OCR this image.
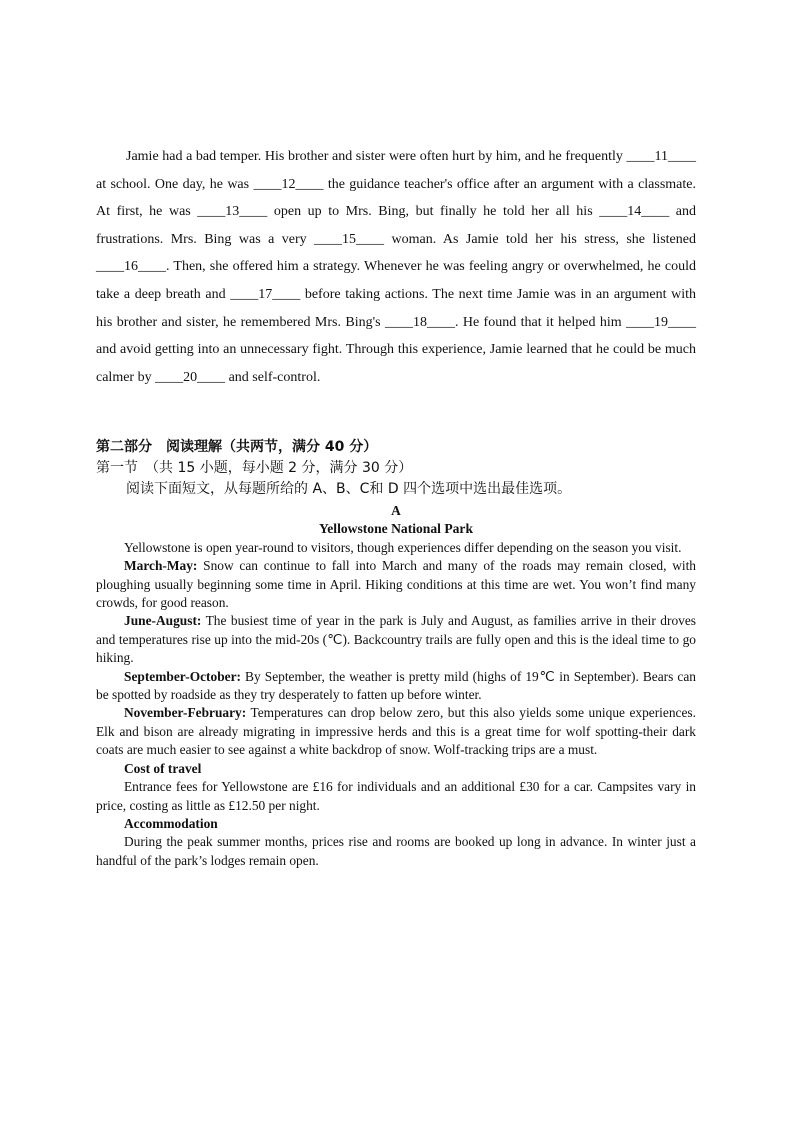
Jamie had a bad temper. His brother and sister were often hurt by him, and he frequently ____11____ at school. One day, he was ____12____ the guidance teacher's office after an argument with a classmate. At first, he was ____13____ open up to Mrs. Bing, but finally he told her all his ____14____ and frustrations. Mrs. Bing was a very ____15____ woman. As Jamie told her his stress, she listened ____16____. Then, she offered him a strategy. Whenever he was feeling angry or overwhelmed, he could take a deep breath and ____17____ before taking actions. The next time Jamie was in an argument with his brother and sister, he remembered Mrs. Bing's ____18____. He found that it helped him ____19____ and avoid getting into an unnecessary fight. Through this experience, Jamie learned that he could be much calmer by ____20____ and self-control.

第二部分　阅读理解（共两节，满分 40 分）
第一节　（共 15 小题，每小题 2 分，满分 30 分）
阅读下面短文，从每题所给的 A、B、C和 D 四个选项中选出最佳选项。
A
Yellowstone National Park

Yellowstone is open year-round to visitors, though experiences differ depending on the season you visit.

March-May: Snow can continue to fall into March and many of the roads may remain closed, with ploughing usually beginning some time in April. Hiking conditions at this time are wet. You won’t find many crowds, for good reason.

June-August: The busiest time of year in the park is July and August, as families arrive in their droves and temperatures rise up into the mid-20s (℃). Backcountry trails are fully open and this is the ideal time to go hiking.

September-October: By September, the weather is pretty mild (highs of 19℃ in September). Bears can be spotted by roadside as they try desperately to fatten up before winter.

November-February: Temperatures can drop below zero, but this also yields some unique experiences. Elk and bison are already migrating in impressive herds and this is a great time for wolf spotting-their dark coats are much easier to see against a white backdrop of snow. Wolf-tracking trips are a must.

Cost of travel

Entrance fees for Yellowstone are £16 for individuals and an additional £30 for a car. Campsites vary in price, costing as little as £12.50 per night.

Accommodation

During the peak summer months, prices rise and rooms are booked up long in advance. In winter just a handful of the park’s lodges remain open.
